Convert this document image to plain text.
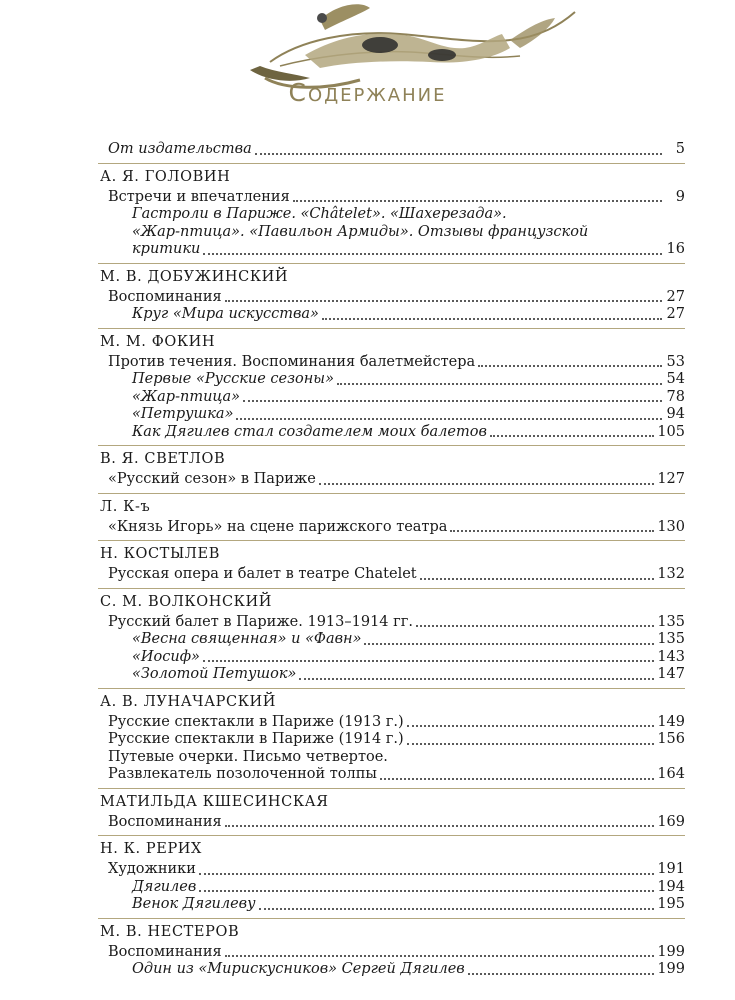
Содержание
От издательства	5
А. Я. ГОЛОВИН
Встречи и впечатления	9
Гастроли в Париже. «Châtelet». «Шахерезада».
«Жар-птица». «Павильон Армиды». Отзывы французской
критики	16
М. В. ДОБУЖИНСКИЙ
Воспоминания	27
Круг «Мира искусства»	27
М. М. ФОКИН
Против течения. Воспоминания балетмейстера	53
Первые «Русские сезоны»	54
«Жар-птица»	78
«Петрушка»	94
Как Дягилев стал создателем моих балетов	105
В. Я. СВЕТЛОВ
«Русский сезон» в Париже	127
Л. К-ъ
«Князь Игорь» на сцене парижского театра	130
Н. КОСТЫЛЕВ
Русская опера и балет в театре Chatelet	132
С. М. ВОЛКОНСКИЙ
Русский балет в Париже. 1913–1914 гг.	135
«Весна священная» и «Фавн»	135
«Иосиф»	143
«Золотой Петушок»	147
А. В. ЛУНАЧАРСКИЙ
Русские спектакли в Париже (1913 г.)	149
Русские спектакли в Париже (1914 г.)	156
Путевые очерки. Письмо четвертое.
Развлекатель позолоченной толпы	164
МАТИЛЬДА КШЕСИНСКАЯ
Воспоминания	169
Н. К. РЕРИХ
Художники	191
Дягилев	194
Венок Дягилеву	195
М. В. НЕСТЕРОВ
Воспоминания	199
Один из «Мирискусников» Сергей Дягилев	199
